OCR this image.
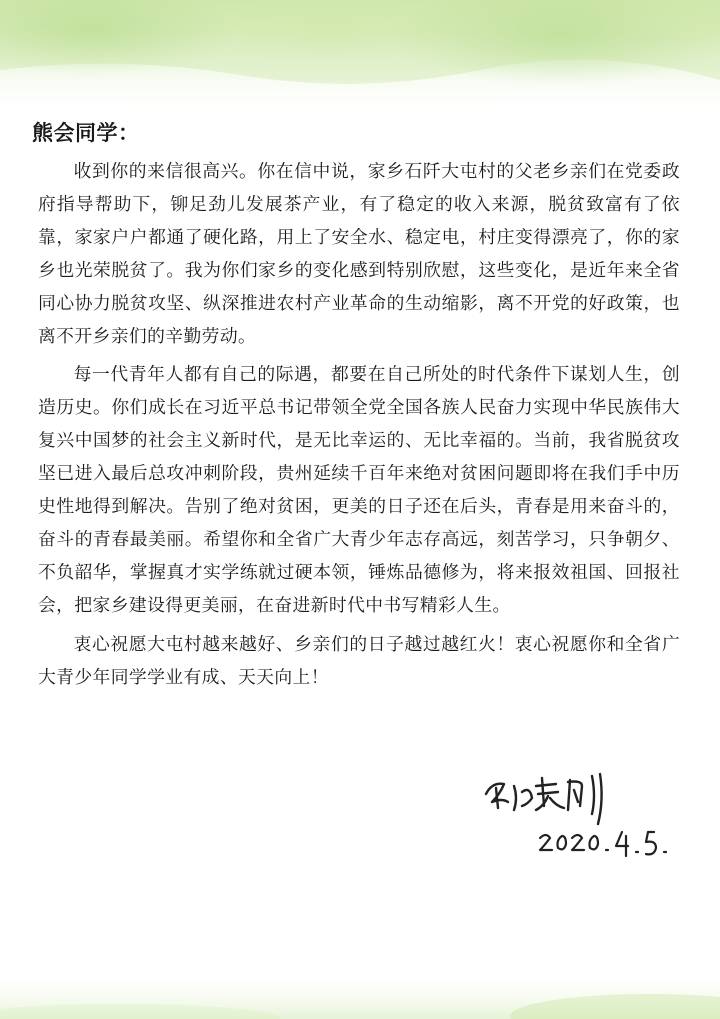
熊会同学：

收到你的来信很高兴。你在信中说，家乡石阡大屯村的父老乡亲们在党委政府指导帮助下，铆足劲儿发展茶产业，有了稳定的收入来源，脱贫致富有了依靠，家家户户都通了硬化路，用上了安全水、稳定电，村庄变得漂亮了，你的家乡也光荣脱贫了。我为你们家乡的变化感到特别欣慰，这些变化，是近年来全省同心协力脱贫攻坚、纵深推进农村产业革命的生动缩影，离不开党的好政策，也离不开乡亲们的辛勤劳动。

每一代青年人都有自己的际遇，都要在自己所处的时代条件下谋划人生，创造历史。你们成长在习近平总书记带领全党全国各族人民奋力实现中华民族伟大复兴中国梦的社会主义新时代，是无比幸运的、无比幸福的。当前，我省脱贫攻坚已进入最后总攻冲刺阶段，贵州延续千百年来绝对贫困问题即将在我们手中历史性地得到解决。告别了绝对贫困，更美的日子还在后头，青春是用来奋斗的，奋斗的青春最美丽。希望你和全省广大青少年志存高远，刻苦学习，只争朝夕、不负韶华，掌握真才实学练就过硬本领，锤炼品德修为，将来报效祖国、回报社会，把家乡建设得更美丽，在奋进新时代中书写精彩人生。

衷心祝愿大屯村越来越好、乡亲们的日子越过越红火！衷心祝愿你和全省广大青少年同学学业有成、天天向上！
